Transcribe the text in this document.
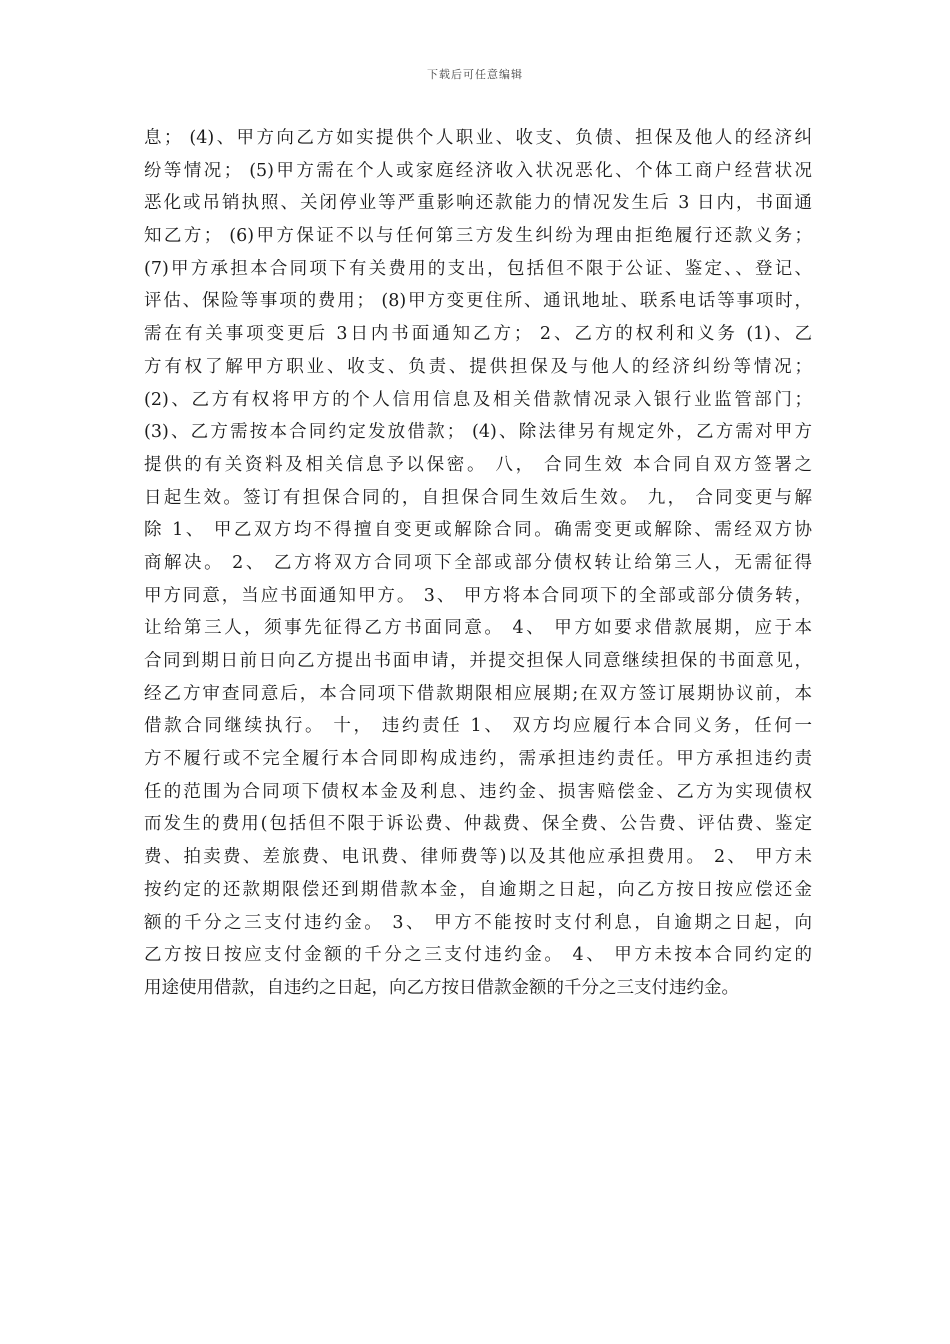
下载后可任意编辑
息； (4)、甲方向乙方如实提供个人职业、收支、负债、担保及他人的经济纠
纷等情况； (5)甲方需在个人或家庭经济收入状况恶化、个体工商户经营状况
恶化或吊销执照、关闭停业等严重影响还款能力的情况发生后 3 日内，书面通
知乙方； (6)甲方保证不以与任何第三方发生纠纷为理由拒绝履行还款义务；
(7)甲方承担本合同项下有关费用的支出，包括但不限于公证、鉴定、、登记、
评估、保险等事项的费用； (8)甲方变更住所、通讯地址、联系电话等事项时，
需在有关事项变更后 3日内书面通知乙方； 2、乙方的权利和义务 (1)、乙
方有权了解甲方职业、收支、负责、提供担保及与他人的经济纠纷等情况；
(2)、乙方有权将甲方的个人信用信息及相关借款情况录入银行业监管部门；
(3)、乙方需按本合同约定发放借款； (4)、除法律另有规定外，乙方需对甲方
提供的有关资料及相关信息予以保密。 八， 合同生效 本合同自双方签署之
日起生效。签订有担保合同的，自担保合同生效后生效。 九， 合同变更与解
除 1、 甲乙双方均不得擅自变更或解除合同。确需变更或解除、需经双方协
商解决。 2、 乙方将双方合同项下全部或部分债权转让给第三人，无需征得
甲方同意，当应书面通知甲方。 3、 甲方将本合同项下的全部或部分债务转，
让给第三人，须事先征得乙方书面同意。 4、 甲方如要求借款展期，应于本
合同到期日前日向乙方提出书面申请，并提交担保人同意继续担保的书面意见，
经乙方审查同意后，本合同项下借款期限相应展期;在双方签订展期协议前，本
借款合同继续执行。 十， 违约责任 1、 双方均应履行本合同义务，任何一
方不履行或不完全履行本合同即构成违约，需承担违约责任。甲方承担违约责
任的范围为合同项下债权本金及利息、违约金、损害赔偿金、乙方为实现债权
而发生的费用(包括但不限于诉讼费、仲裁费、保全费、公告费、评估费、鉴定
费、拍卖费、差旅费、电讯费、律师费等)以及其他应承担费用。 2、 甲方未
按约定的还款期限偿还到期借款本金，自逾期之日起，向乙方按日按应偿还金
额的千分之三支付违约金。 3、 甲方不能按时支付利息，自逾期之日起，向
乙方按日按应支付金额的千分之三支付违约金。 4、 甲方未按本合同约定的
用途使用借款，自违约之日起，向乙方按日借款金额的千分之三支付违约金。
